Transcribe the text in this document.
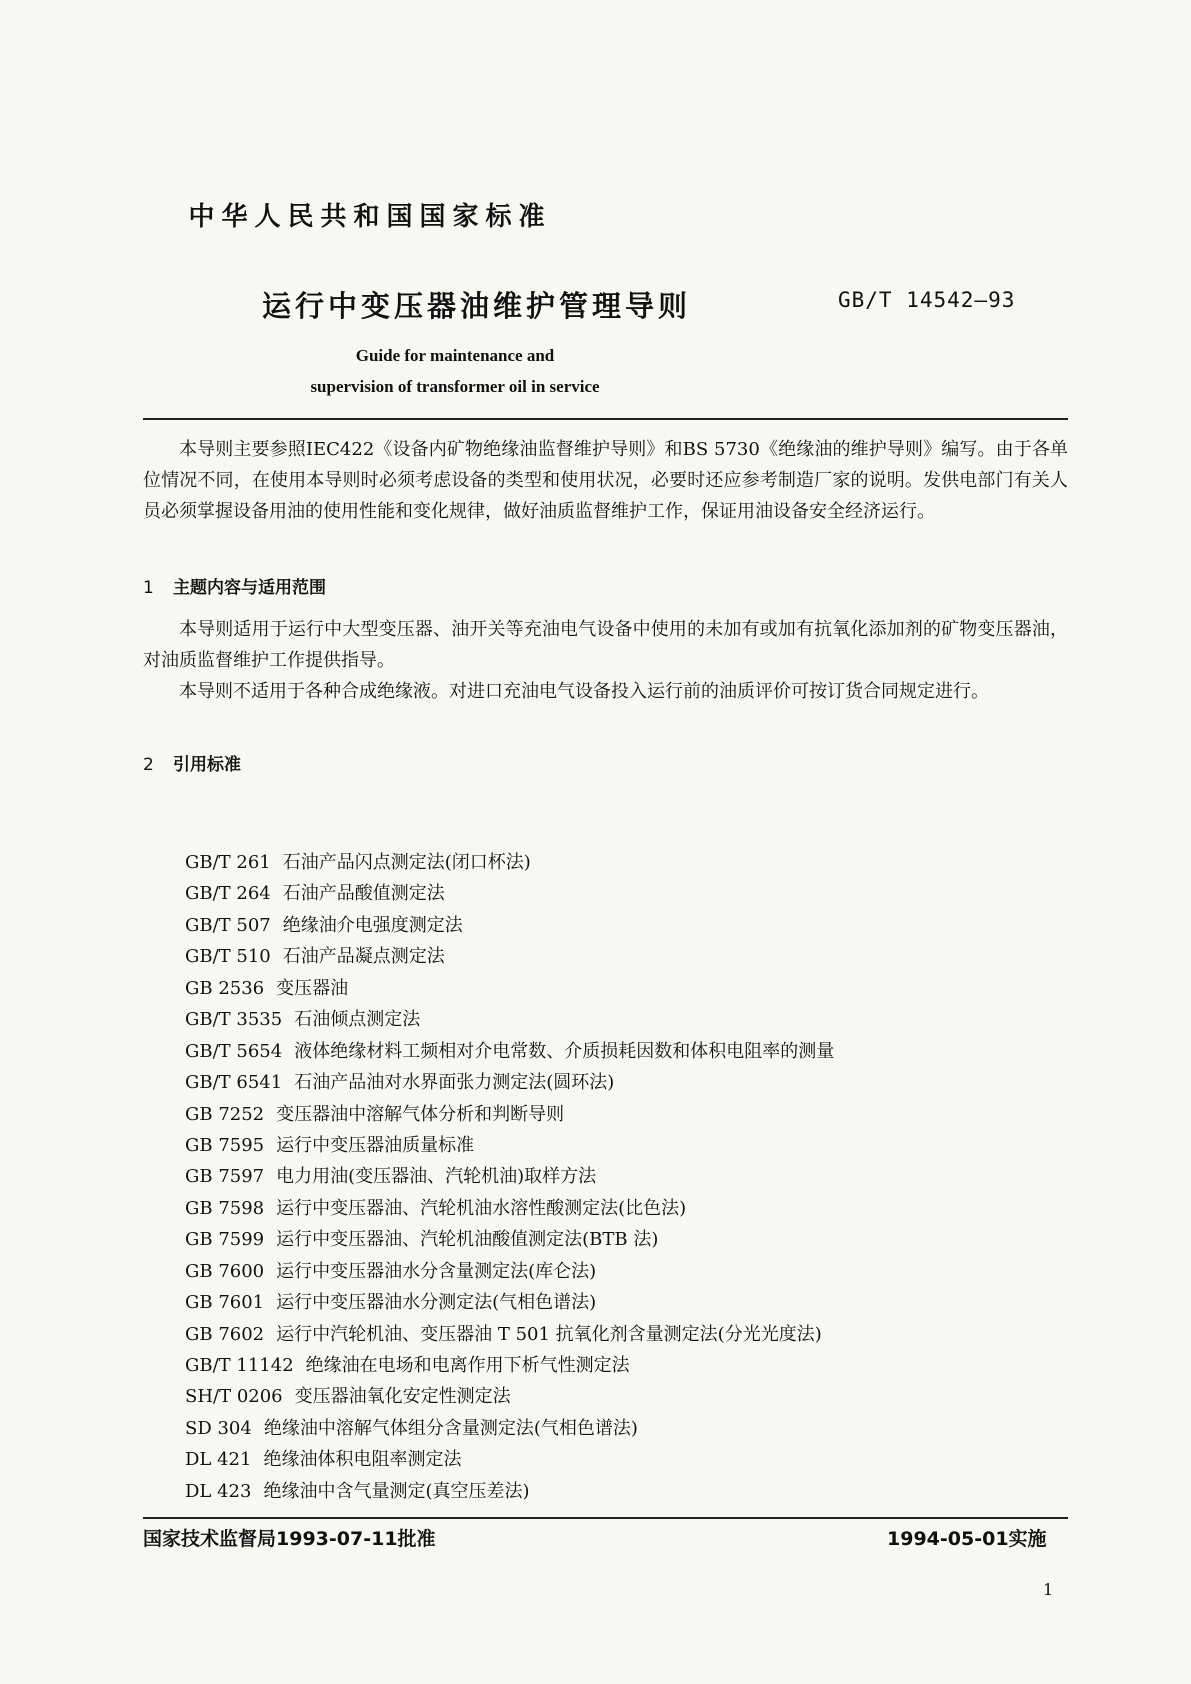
中华人民共和国国家标准
运行中变压器油维护管理导则	GB/T 14542—93
Guide for maintenance and
supervision of transformer oil in service
本导则主要参照IEC422《设备内矿物绝缘油监督维护导则》和BS 5730《绝缘油的维护导则》编写。由于各单位情况不同，在使用本导则时必须考虑设备的类型和使用状况，必要时还应参考制造厂家的说明。发供电部门有关人员必须掌握设备用油的使用性能和变化规律，做好油质监督维护工作，保证用油设备安全经济运行。
1 主题内容与适用范围
本导则适用于运行中大型变压器、油开关等充油电气设备中使用的未加有或加有抗氧化添加剂的矿物变压器油，对油质监督维护工作提供指导。
本导则不适用于各种合成绝缘液。对进口充油电气设备投入运行前的油质评价可按订货合同规定进行。
2 引用标准
GB/T 261 石油产品闪点测定法(闭口杯法)
GB/T 264 石油产品酸值测定法
GB/T 507 绝缘油介电强度测定法
GB/T 510 石油产品凝点测定法
GB 2536 变压器油
GB/T 3535 石油倾点测定法
GB/T 5654 液体绝缘材料工频相对介电常数、介质损耗因数和体积电阻率的测量
GB/T 6541 石油产品油对水界面张力测定法(圆环法)
GB 7252 变压器油中溶解气体分析和判断导则
GB 7595 运行中变压器油质量标准
GB 7597 电力用油(变压器油、汽轮机油)取样方法
GB 7598 运行中变压器油、汽轮机油水溶性酸测定法(比色法)
GB 7599 运行中变压器油、汽轮机油酸值测定法(BTB 法)
GB 7600 运行中变压器油水分含量测定法(库仑法)
GB 7601 运行中变压器油水分测定法(气相色谱法)
GB 7602 运行中汽轮机油、变压器油 T 501 抗氧化剂含量测定法(分光光度法)
GB/T 11142 绝缘油在电场和电离作用下析气性测定法
SH/T 0206 变压器油氧化安定性测定法
SD 304 绝缘油中溶解气体组分含量测定法(气相色谱法)
DL 421 绝缘油体积电阻率测定法
DL 423 绝缘油中含气量测定(真空压差法)
国家技术监督局1993-07-11批准	1994-05-01实施
1
